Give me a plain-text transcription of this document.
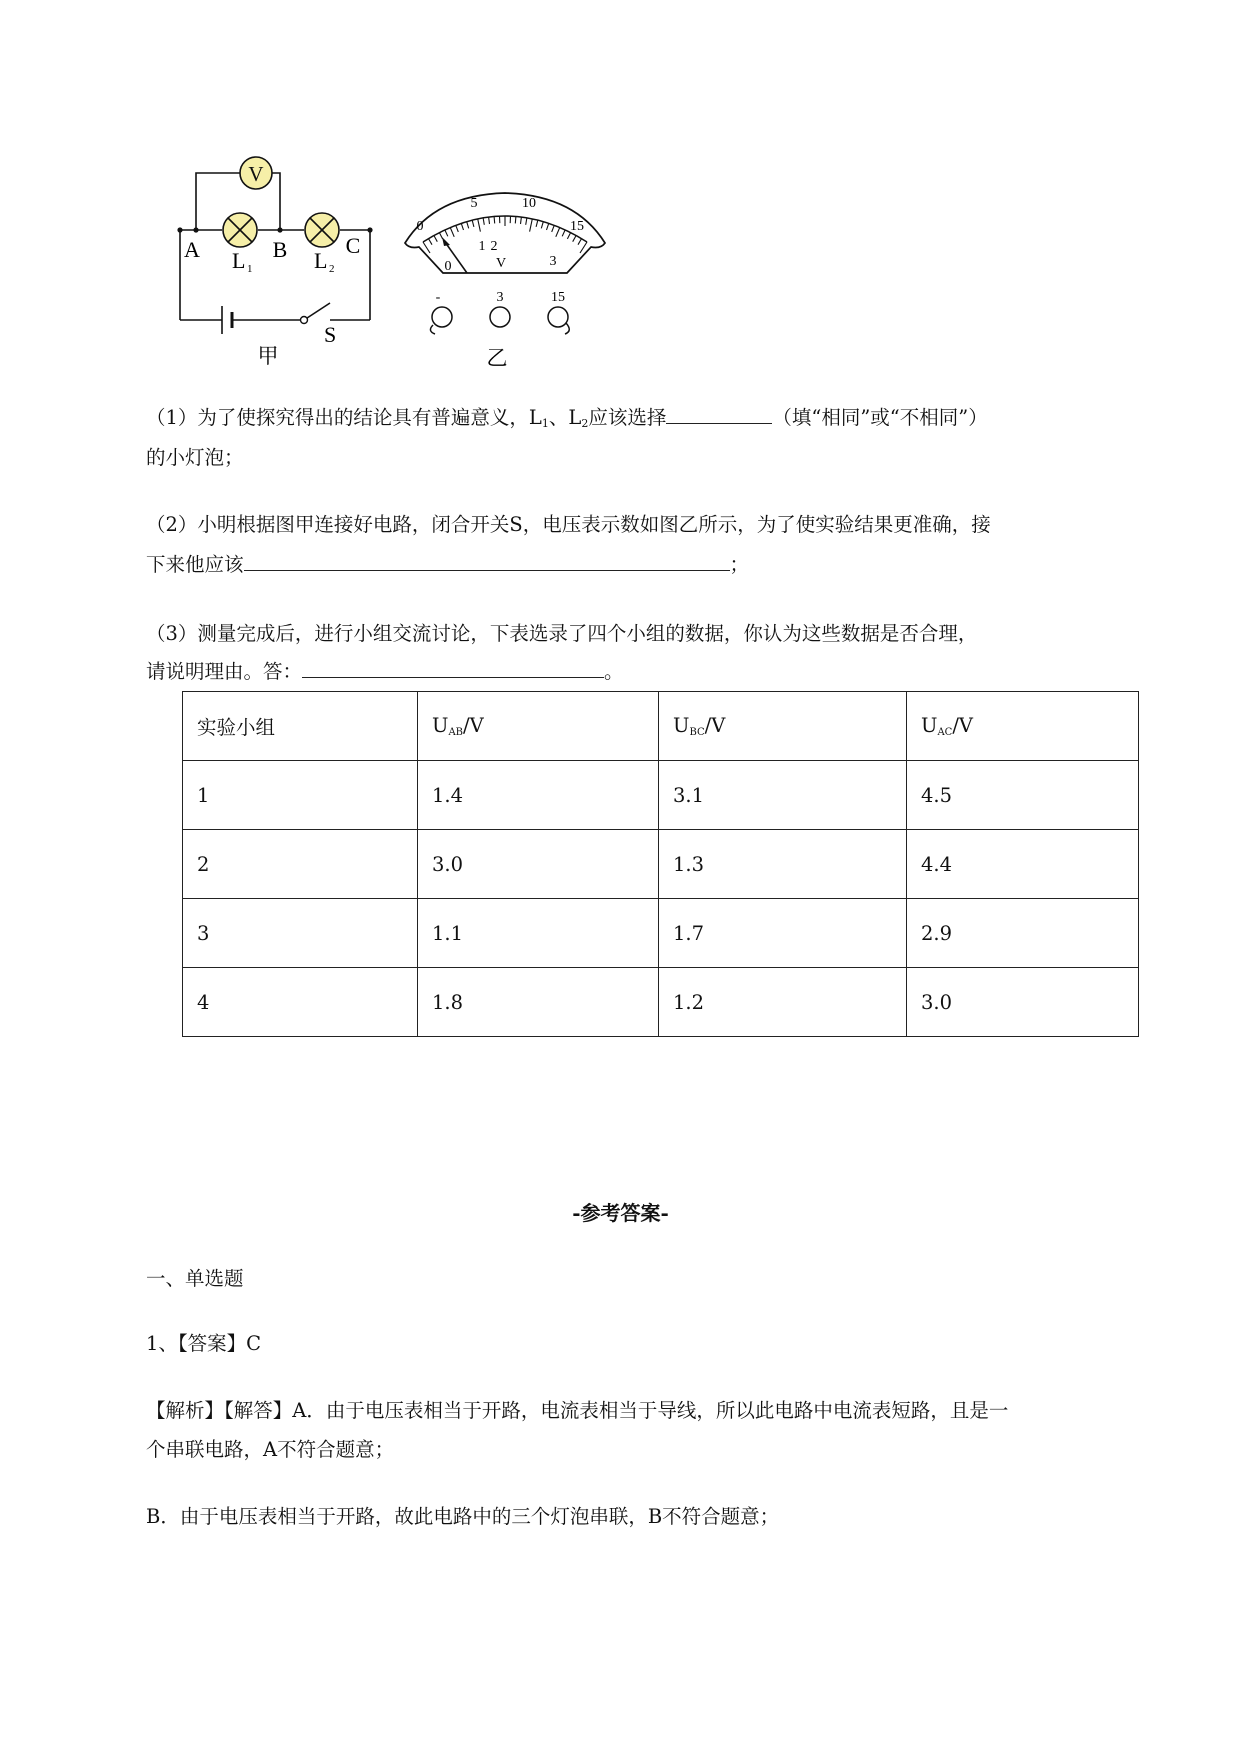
V
A	B	C
L 1	L 2
S
甲
0
5	10
15
0
1 2
3
V
-	3	15
乙
（1）为了使探究得出的结论具有普遍意义，$L_1$、$L_2$应该选择	（填“相同”或“不相同”）
的小灯泡；
（2）小明根据图甲连接好电路，闭合开关S，电压表示数如图乙所示，为了使实验结果更准确，接
下来他应该	；
（3）测量完成后，进行小组交流讨论，下表选录了四个小组的数据，你认为这些数据是否合理，
请说明理由。答：	。
实验小组	UAB/V	UBC/V	UAC/V
1	1.4	3.1	4.5
2	3.0	1.3	4.4
3	1.1	1.7	2.9
4	1.8	1.2	3.0
-参考答案-
一、单选题
1、【答案】C
【解析】【解答】A．由于电压表相当于开路，电流表相当于导线，所以此电路中电流表短路，且是一
个串联电路，A不符合题意；
B．由于电压表相当于开路，故此电路中的三个灯泡串联，B不符合题意；
